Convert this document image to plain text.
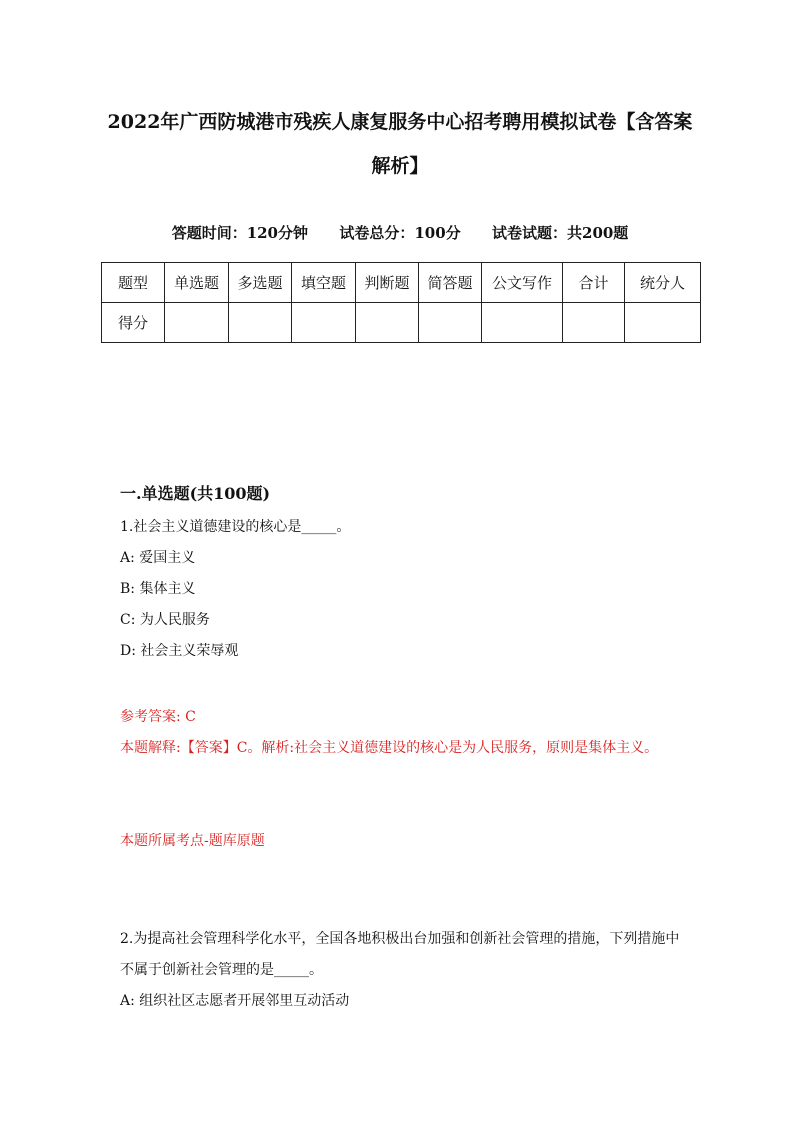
2022年广西防城港市残疾人康复服务中心招考聘用模拟试卷【含答案解析】
答题时间：120分钟 试卷总分：100分 试卷试题：共200题
题型	单选题	多选题	填空题	判断题	简答题	公文写作	合计	统分人
得分								
一.单选题(共100题)
1.社会主义道德建设的核心是_____。
A: 爱国主义
B: 集体主义
C: 为人民服务
D: 社会主义荣辱观
参考答案: C
本题解释:【答案】C。解析:社会主义道德建设的核心是为人民服务，原则是集体主义。
本题所属考点-题库原题
2.为提高社会管理科学化水平，全国各地积极出台加强和创新社会管理的措施，下列措施中不属于创新社会管理的是_____。
A: 组织社区志愿者开展邻里互动活动
